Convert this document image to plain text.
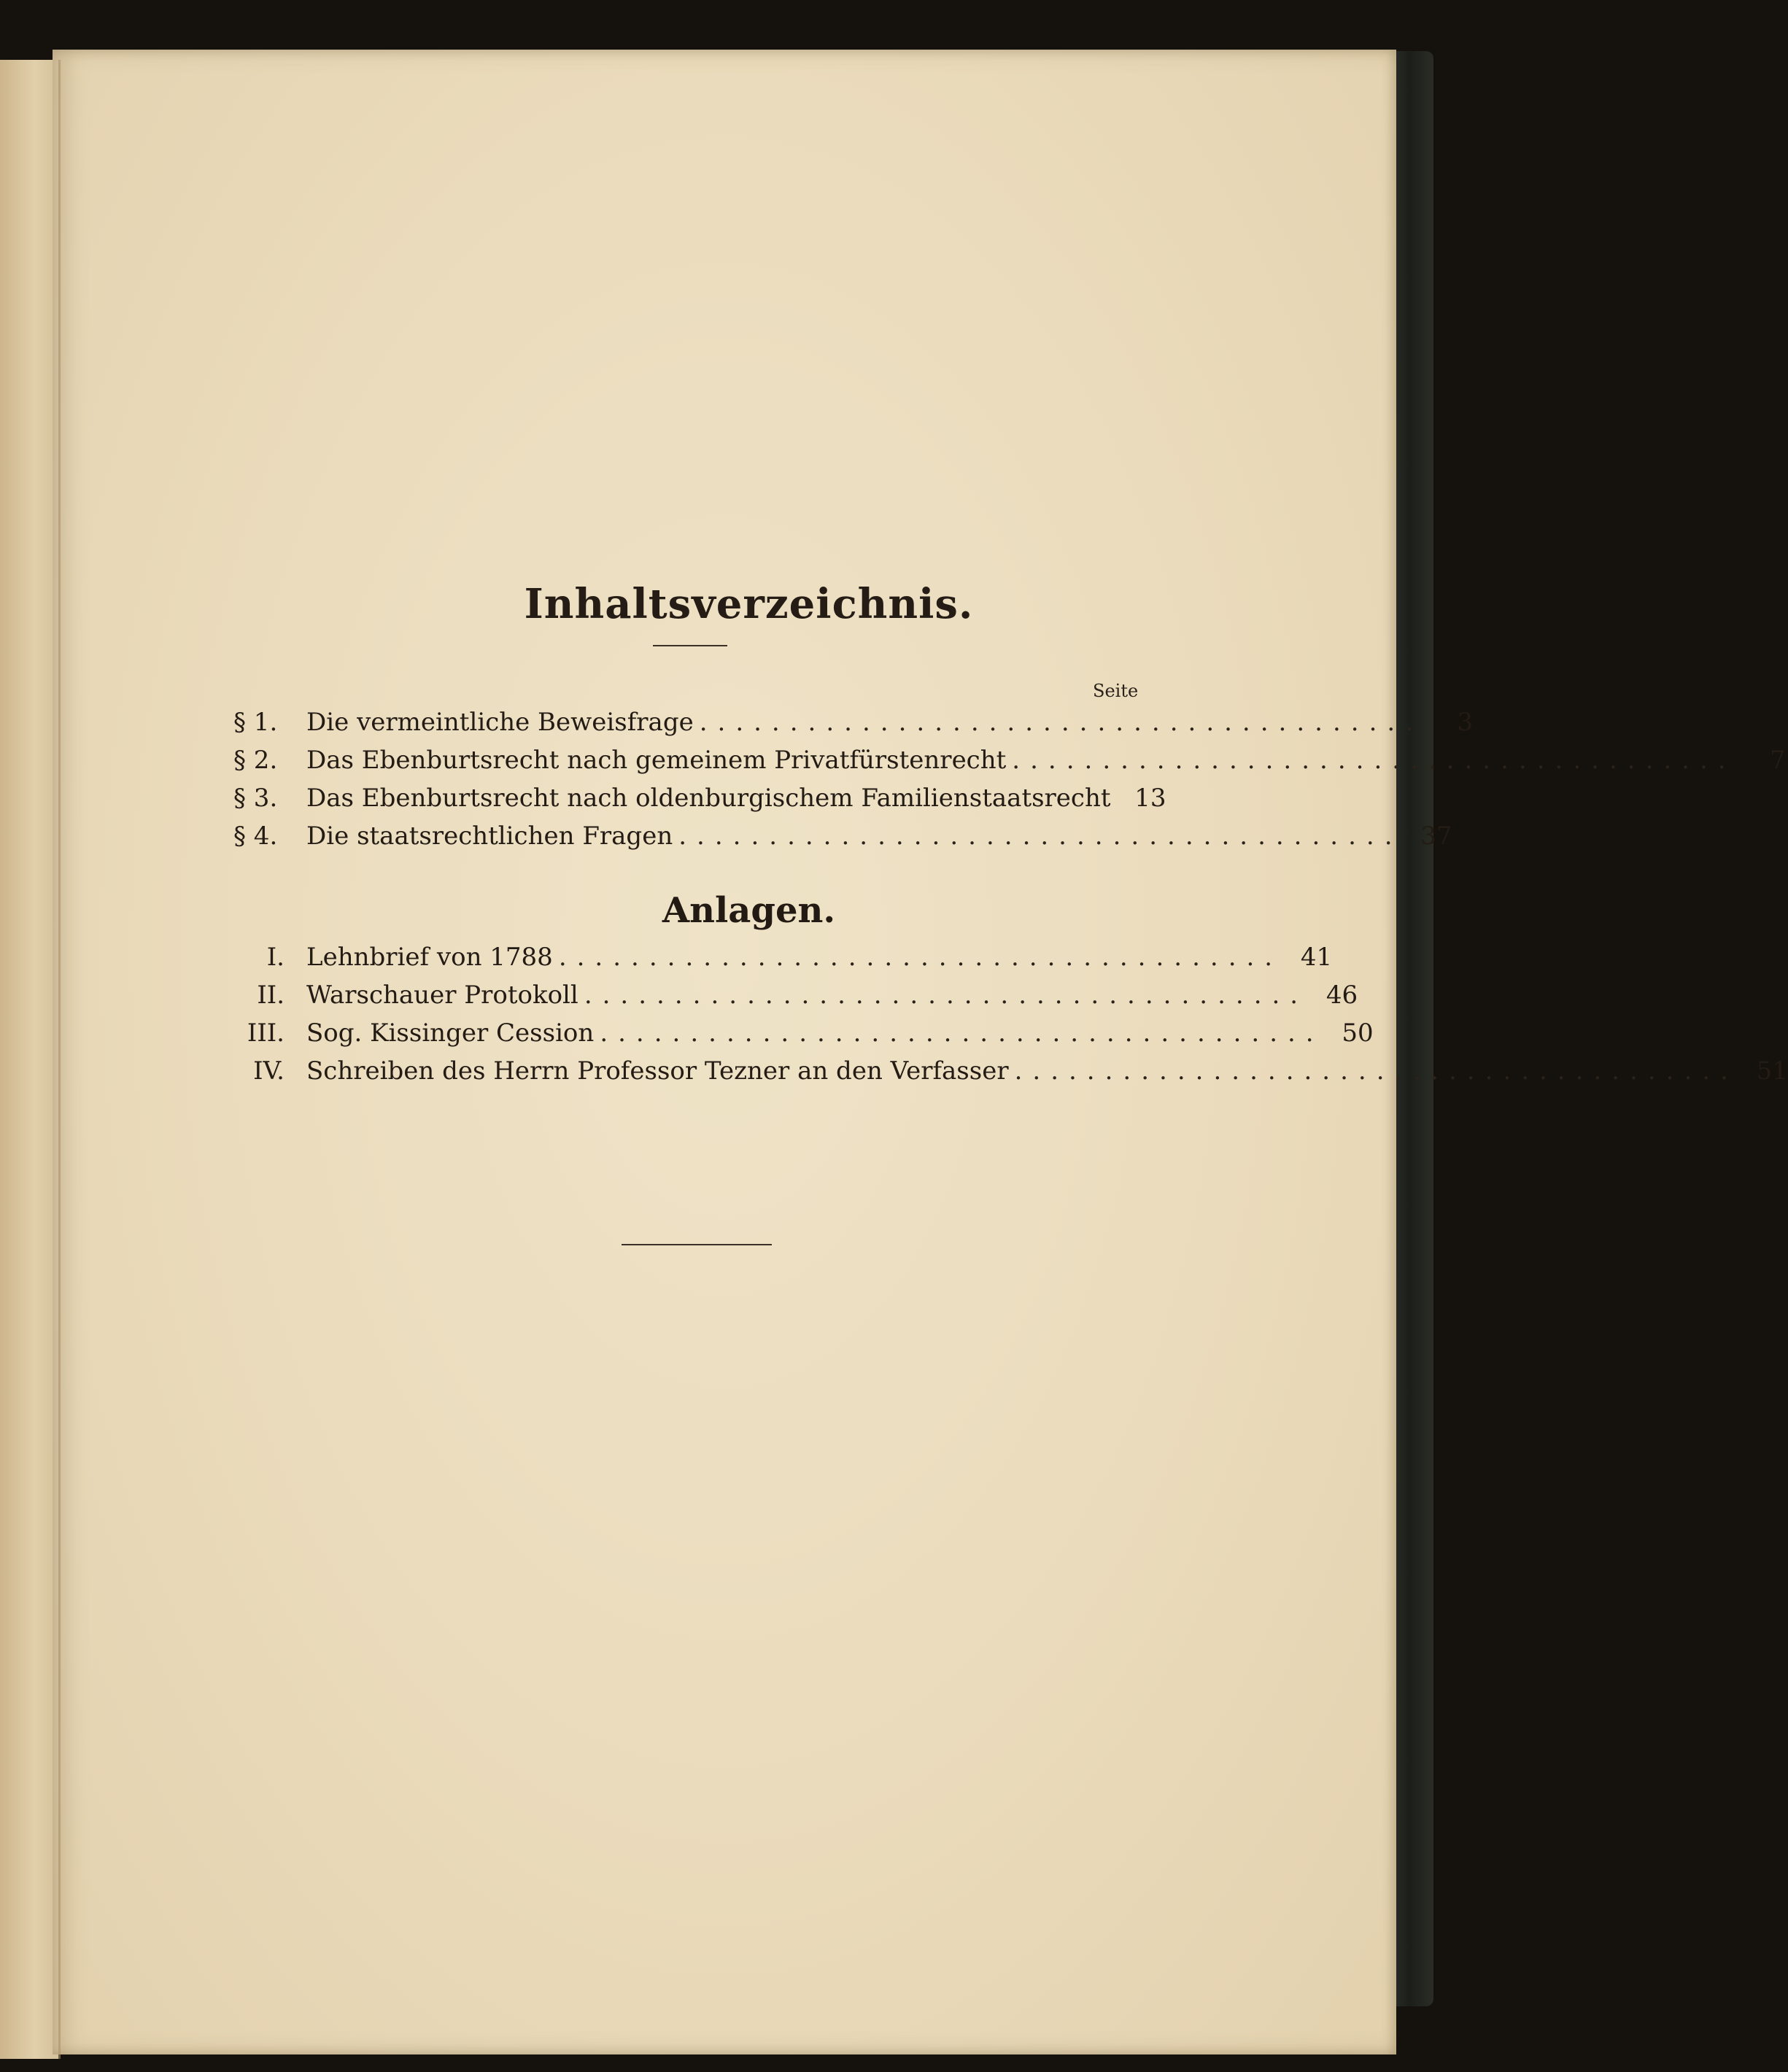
Inhaltsverzeichnis.
Seite
§ 1.	Die vermeintliche Beweisfrage ........................................	3
§ 2.	Das Ebenburtsrecht nach gemeinem Privatfürstenrecht ........................................	7
§ 3.	Das Ebenburtsrecht nach oldenburgischem Familienstaatsrecht 13
§ 4.	Die staatsrechtlichen Fragen ........................................ 37
Anlagen.
I. Lehnbrief von 1788 ........................................ 41
II. Warschauer Protokoll ........................................ 46
III. Sog. Kissinger Cession ........................................ 50
IV. Schreiben des Herrn Professor Tezner an den Verfasser ........................................ 51
